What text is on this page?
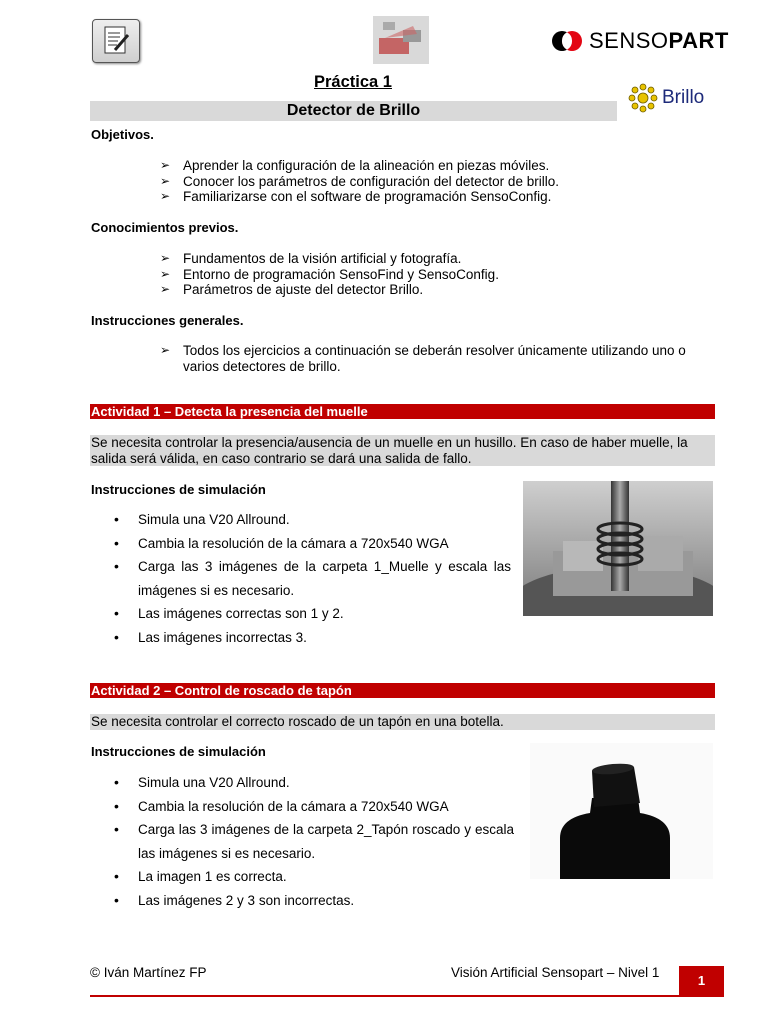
SENSOPART
Práctica 1
Detector de Brillo
Brillo
Objetivos.
➢ Aprender la configuración de la alineación en piezas móviles.
➢ Conocer los parámetros de configuración del detector de brillo.
➢ Familiarizarse con el software de programación SensoConfig.
Conocimientos previos.
➢ Fundamentos de la visión artificial y fotografía.
➢ Entorno de programación SensoFind y SensoConfig.
➢ Parámetros de ajuste del detector Brillo.
Instrucciones generales.
➢ Todos los ejercicios a continuación se deberán resolver únicamente utilizando uno o varios detectores de brillo.
Actividad 1 – Detecta la presencia del muelle
Se necesita controlar la presencia/ausencia de un muelle en un husillo. En caso de haber muelle, la salida será válida, en caso contrario se dará una salida de fallo.
Instrucciones de simulación
• Simula una V20 Allround.
• Cambia la resolución de la cámara a 720x540 WGA
• Carga las 3 imágenes de la carpeta 1_Muelle y escala las imágenes si es necesario.
• Las imágenes correctas son 1 y 2.
• Las imágenes incorrectas 3.
Actividad 2 – Control de roscado de tapón
Se necesita controlar el correcto roscado de un tapón en una botella.
Instrucciones de simulación
• Simula una V20 Allround.
• Cambia la resolución de la cámara a 720x540 WGA
• Carga las 3 imágenes de la carpeta 2_Tapón roscado y escala las imágenes si es necesario.
• La imagen 1 es correcta.
• Las imágenes 2 y 3 son incorrectas.
© Iván Martínez FP	Visión Artificial Sensopart – Nivel 1
1
